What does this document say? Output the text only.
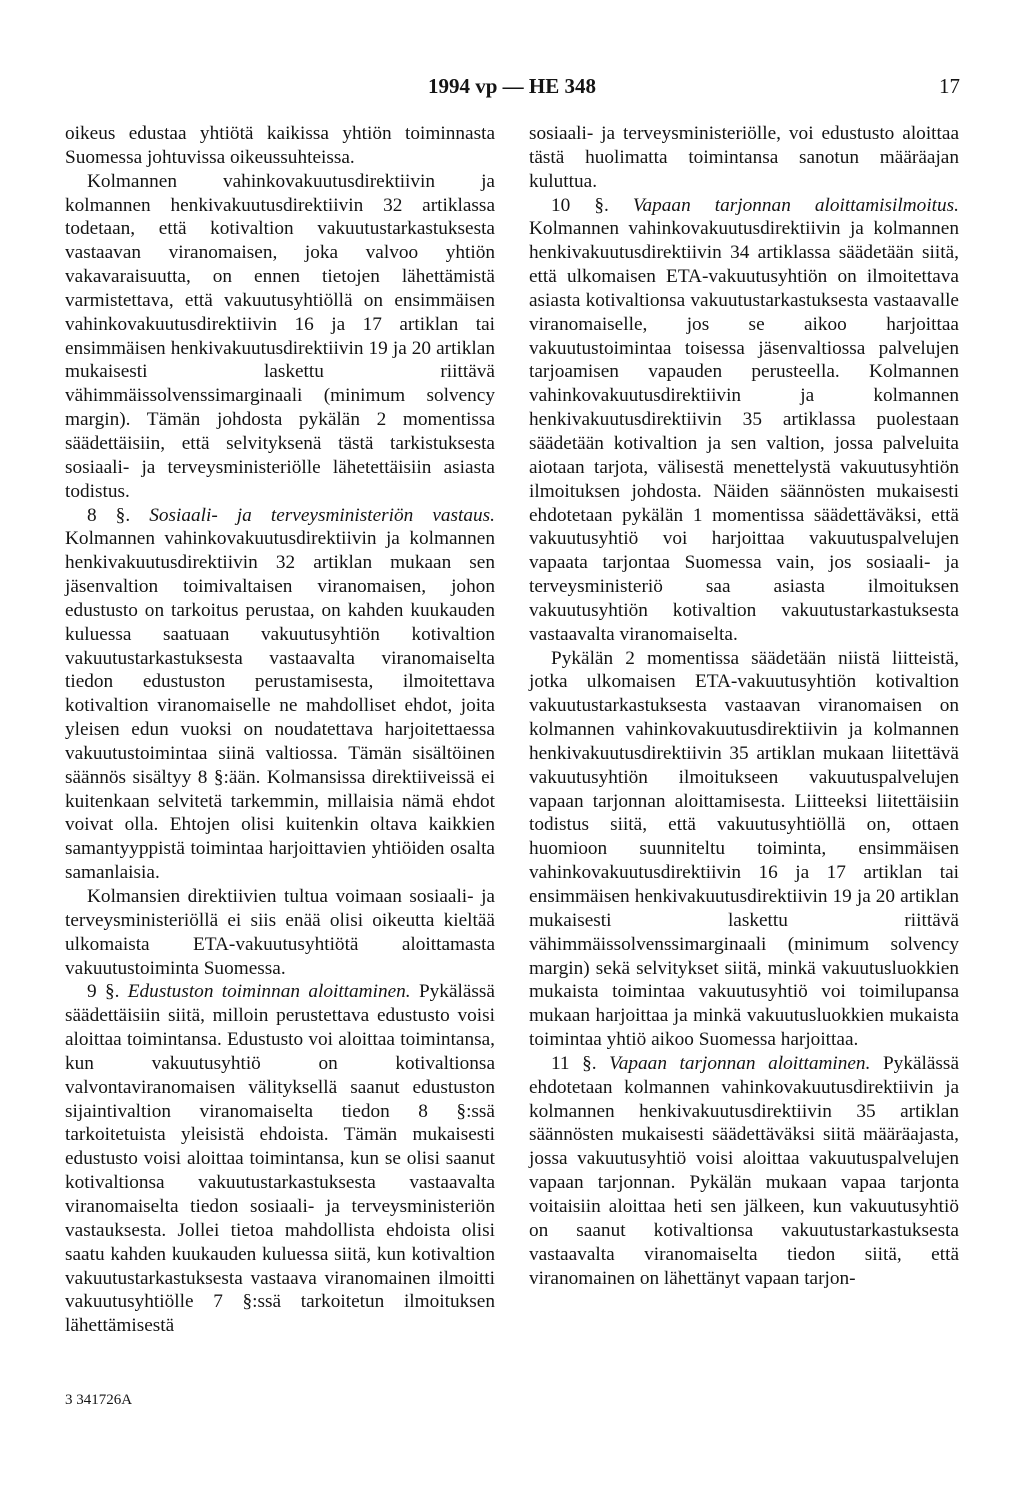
1994 vp — HE 348	17

oikeus edustaa yhtiötä kaikissa yhtiön toiminnasta Suomessa johtuvissa oikeussuhteissa.

Kolmannen vahinkovakuutusdirektiivin ja kolmannen henkivakuutusdirektiivin 32 artiklassa todetaan, että kotivaltion vakuutustarkastuksesta vastaavan viranomaisen, joka valvoo yhtiön vakavaraisuutta, on ennen tietojen lähettämistä varmistettava, että vakuutusyhtiöllä on ensimmäisen vahinkovakuutusdirektiivin 16 ja 17 artiklan tai ensimmäisen henkivakuutusdirektiivin 19 ja 20 artiklan mukaisesti laskettu riittävä vähimmäissolvenssimarginaali (minimum solvency margin). Tämän johdosta pykälän 2 momentissa säädettäisiin, että selvityksenä tästä tarkistuksesta sosiaali- ja terveysministeriölle lähetettäisiin asiasta todistus.

8 §. Sosiaali- ja terveysministeriön vastaus. Kolmannen vahinkovakuutusdirektiivin ja kolmannen henkivakuutusdirektiivin 32 artiklan mukaan sen jäsenvaltion toimivaltaisen viranomaisen, johon edustusto on tarkoitus perustaa, on kahden kuukauden kuluessa saatuaan vakuutusyhtiön kotivaltion vakuutustarkastuksesta vastaavalta viranomaiselta tiedon edustuston perustamisesta, ilmoitettava kotivaltion viranomaiselle ne mahdolliset ehdot, joita yleisen edun vuoksi on noudatettava harjoitettaessa vakuutustoimintaa siinä valtiossa. Tämän sisältöinen säännös sisältyy 8 §:ään. Kolmansissa direktiiveissä ei kuitenkaan selvitetä tarkemmin, millaisia nämä ehdot voivat olla. Ehtojen olisi kuitenkin oltava kaikkien samantyyppistä toimintaa harjoittavien yhtiöiden osalta samanlaisia.

Kolmansien direktiivien tultua voimaan sosiaali- ja terveysministeriöllä ei siis enää olisi oikeutta kieltää ulkomaista ETA-vakuutusyhtiötä aloittamasta vakuutustoiminta Suomessa.

9 §. Edustuston toiminnan aloittaminen. Pykälässä säädettäisiin siitä, milloin perustettava edustusto voisi aloittaa toimintansa. Edustusto voi aloittaa toimintansa, kun vakuutusyhtiö on kotivaltionsa valvontaviranomaisen välityksellä saanut edustuston sijaintivaltion viranomaiselta tiedon 8 §:ssä tarkoitetuista yleisistä ehdoista. Tämän mukaisesti edustusto voisi aloittaa toimintansa, kun se olisi saanut kotivaltionsa vakuutustarkastuksesta vastaavalta viranomaiselta tiedon sosiaali- ja terveysministeriön vastauksesta. Jollei tietoa mahdollista ehdoista olisi saatu kahden kuukauden kuluessa siitä, kun kotivaltion vakuutustarkastuksesta vastaava viranomainen ilmoitti vakuutusyhtiölle 7 §:ssä tarkoitetun ilmoituksen lähettämisestä

sosiaali- ja terveysministeriölle, voi edustusto aloittaa tästä huolimatta toimintansa sanotun määräajan kuluttua.

10 §. Vapaan tarjonnan aloittamisilmoitus. Kolmannen vahinkovakuutusdirektiivin ja kolmannen henkivakuutusdirektiivin 34 artiklassa säädetään siitä, että ulkomaisen ETA-vakuutusyhtiön on ilmoitettava asiasta kotivaltionsa vakuutustarkastuksesta vastaavalle viranomaiselle, jos se aikoo harjoittaa vakuutustoimintaa toisessa jäsenvaltiossa palvelujen tarjoamisen vapauden perusteella. Kolmannen vahinkovakuutusdirektiivin ja kolmannen henkivakuutusdirektiivin 35 artiklassa puolestaan säädetään kotivaltion ja sen valtion, jossa palveluita aiotaan tarjota, välisestä menettelystä vakuutusyhtiön ilmoituksen johdosta. Näiden säännösten mukaisesti ehdotetaan pykälän 1 momentissa säädettäväksi, että vakuutusyhtiö voi harjoittaa vakuutuspalvelujen vapaata tarjontaa Suomessa vain, jos sosiaali- ja terveysministeriö saa asiasta ilmoituksen vakuutusyhtiön kotivaltion vakuutustarkastuksesta vastaavalta viranomaiselta.

Pykälän 2 momentissa säädetään niistä liitteistä, jotka ulkomaisen ETA-vakuutusyhtiön kotivaltion vakuutustarkastuksesta vastaavan viranomaisen on kolmannen vahinkovakuutusdirektiivin ja kolmannen henkivakuutusdirektiivin 35 artiklan mukaan liitettävä vakuutusyhtiön ilmoitukseen vakuutuspalvelujen vapaan tarjonnan aloittamisesta. Liitteeksi liitettäisiin todistus siitä, että vakuutusyhtiöllä on, ottaen huomioon suunniteltu toiminta, ensimmäisen vahinkovakuutusdirektiivin 16 ja 17 artiklan tai ensimmäisen henkivakuutusdirektiivin 19 ja 20 artiklan mukaisesti laskettu riittävä vähimmäissolvenssimarginaali (minimum solvency margin) sekä selvitykset siitä, minkä vakuutusluokkien mukaista toimintaa vakuutusyhtiö voi toimilupansa mukaan harjoittaa ja minkä vakuutusluokkien mukaista toimintaa yhtiö aikoo Suomessa harjoittaa.

11 §. Vapaan tarjonnan aloittaminen. Pykälässä ehdotetaan kolmannen vahinkovakuutusdirektiivin ja kolmannen henkivakuutusdirektiivin 35 artiklan säännösten mukaisesti säädettäväksi siitä määräajasta, jossa vakuutusyhtiö voisi aloittaa vakuutuspalvelujen vapaan tarjonnan. Pykälän mukaan vapaa tarjonta voitaisiin aloittaa heti sen jälkeen, kun vakuutusyhtiö on saanut kotivaltionsa vakuutustarkastuksesta vastaavalta viranomaiselta tiedon siitä, että viranomainen on lähettänyt vapaan tarjon-

3 341726A
